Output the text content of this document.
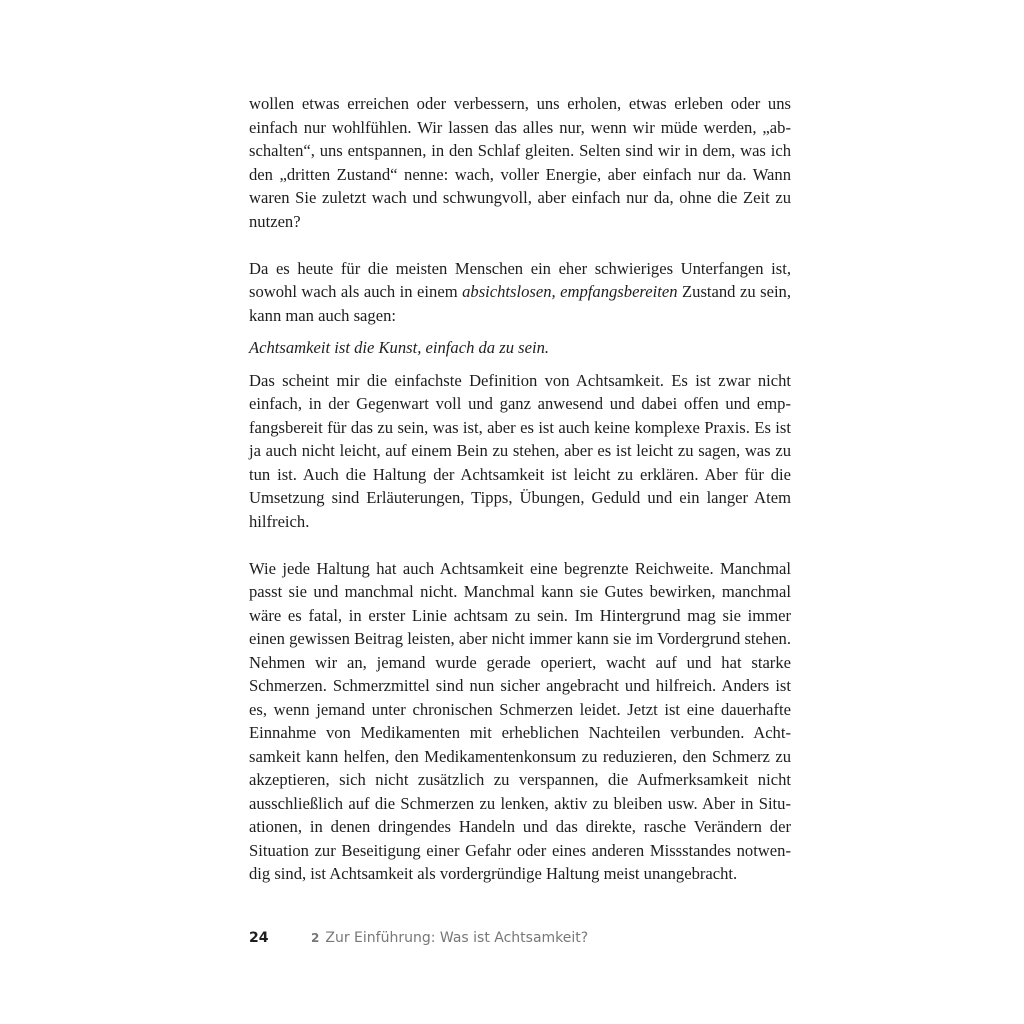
wollen etwas erreichen oder verbessern, uns erholen, etwas erleben oder uns einfach nur wohlfühlen. Wir lassen das alles nur, wenn wir müde werden, „abschalten“, uns entspannen, in den Schlaf gleiten. Selten sind wir in dem, was ich den „dritten Zustand“ nenne: wach, voller Energie, aber einfach nur da. Wann waren Sie zuletzt wach und schwungvoll, aber einfach nur da, ohne die Zeit zu nutzen?

Da es heute für die meisten Menschen ein eher schwieriges Unterfangen ist, sowohl wach als auch in einem absichtslosen, empfangsbereiten Zustand zu sein, kann man auch sagen:

Achtsamkeit ist die Kunst, einfach da zu sein.

Das scheint mir die einfachste Definition von Achtsamkeit. Es ist zwar nicht einfach, in der Gegenwart voll und ganz anwesend und dabei offen und empfangsbereit für das zu sein, was ist, aber es ist auch keine komplexe Praxis. Es ist ja auch nicht leicht, auf einem Bein zu stehen, aber es ist leicht zu sagen, was zu tun ist. Auch die Haltung der Achtsamkeit ist leicht zu erklären. Aber für die Umsetzung sind Erläuterungen, Tipps, Übungen, Geduld und ein langer Atem hilfreich.

Wie jede Haltung hat auch Achtsamkeit eine begrenzte Reichweite. Manchmal passt sie und manchmal nicht. Manchmal kann sie Gutes bewirken, manchmal wäre es fatal, in erster Linie achtsam zu sein. Im Hintergrund mag sie immer einen gewissen Beitrag leisten, aber nicht immer kann sie im Vordergrund stehen. Nehmen wir an, jemand wurde gerade operiert, wacht auf und hat starke Schmerzen. Schmerzmittel sind nun sicher angebracht und hilfreich. Anders ist es, wenn jemand unter chronischen Schmerzen leidet. Jetzt ist eine dauerhafte Einnahme von Medikamenten mit erheblichen Nachteilen verbunden. Achtsamkeit kann helfen, den Medikamentenkonsum zu reduzieren, den Schmerz zu akzeptieren, sich nicht zusätzlich zu verspannen, die Aufmerksamkeit nicht ausschließlich auf die Schmerzen zu lenken, aktiv zu bleiben usw. Aber in Situationen, in denen dringendes Handeln und das direkte, rasche Verändern der Situation zur Beseitigung einer Gefahr oder eines anderen Missstandes notwendig sind, ist Achtsamkeit als vordergründige Haltung meist unangebracht.

24	2 Zur Einführung: Was ist Achtsamkeit?
